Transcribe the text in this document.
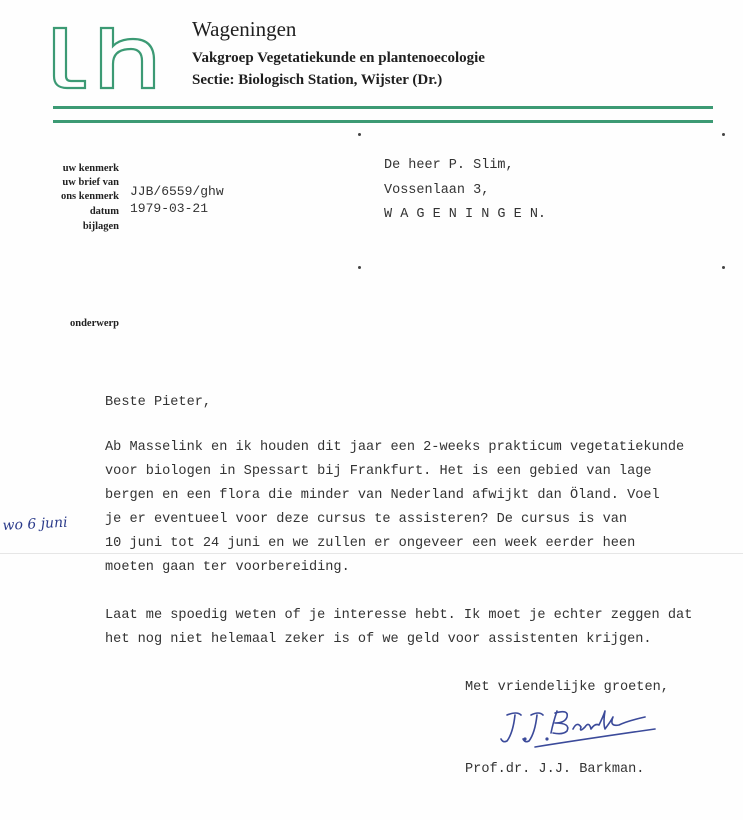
Wageningen
Vakgroep Vegetatiekunde en plantenoecologie
Sectie: Biologisch Station, Wijster (Dr.)
uw kenmerk
uw brief van
ons kenmerk
datum
bijlagen
JJB/6559/ghw
1979-03-21
De heer P. Slim,
Vossenlaan 3,
W A G E N I N G E N.
onderwerp
Beste Pieter,
Ab Masselink en ik houden dit jaar een 2-weeks prakticum vegetatiekunde
voor biologen in Spessart bij Frankfurt. Het is een gebied van lage
bergen en een flora die minder van Nederland afwijkt dan Öland. Voel
je er eventueel voor deze cursus te assisteren? De cursus is van
10 juni tot 24 juni en we zullen er ongeveer een week eerder heen
moeten gaan ter voorbereiding.
wo 6 juni
Laat me spoedig weten of je interesse hebt. Ik moet je echter zeggen dat
het nog niet helemaal zeker is of we geld voor assistenten krijgen.
Met vriendelijke groeten,
Prof.dr. J.J. Barkman.
